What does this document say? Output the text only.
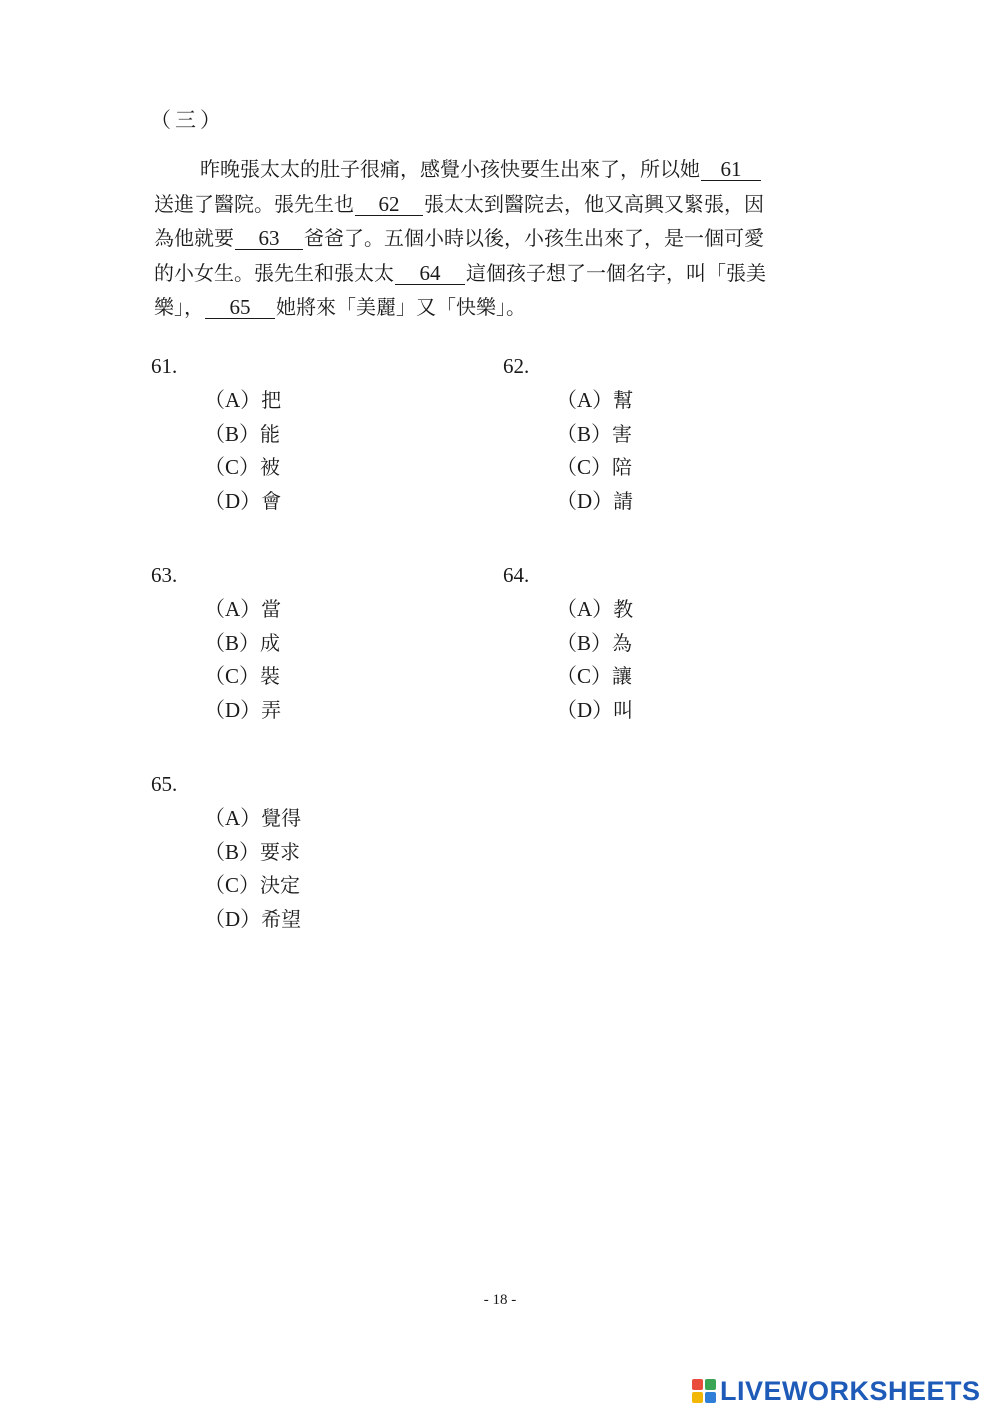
（三）
昨晚張太太的肚子很痛，感覺小孩快要生出來了，所以她 61
送進了醫院。張先生也 62 張太太到醫院去，他又高興又緊張，因
為他就要 63 爸爸了。五個小時以後，小孩生出來了，是一個可愛
的小女生。張先生和張太太 64 這個孩子想了一個名字，叫「張美
樂」， 65 她將來「美麗」又「快樂」。
61.
（A）把
（B）能
（C）被
（D）會
62.
（A）幫
（B）害
（C）陪
（D）請
63.
（A）當
（B）成
（C）裝
（D）弄
64.
（A）教
（B）為
（C）讓
（D）叫
65.
（A）覺得
（B）要求
（C）決定
（D）希望
- 18 -
LIVEWORKSHEETS
